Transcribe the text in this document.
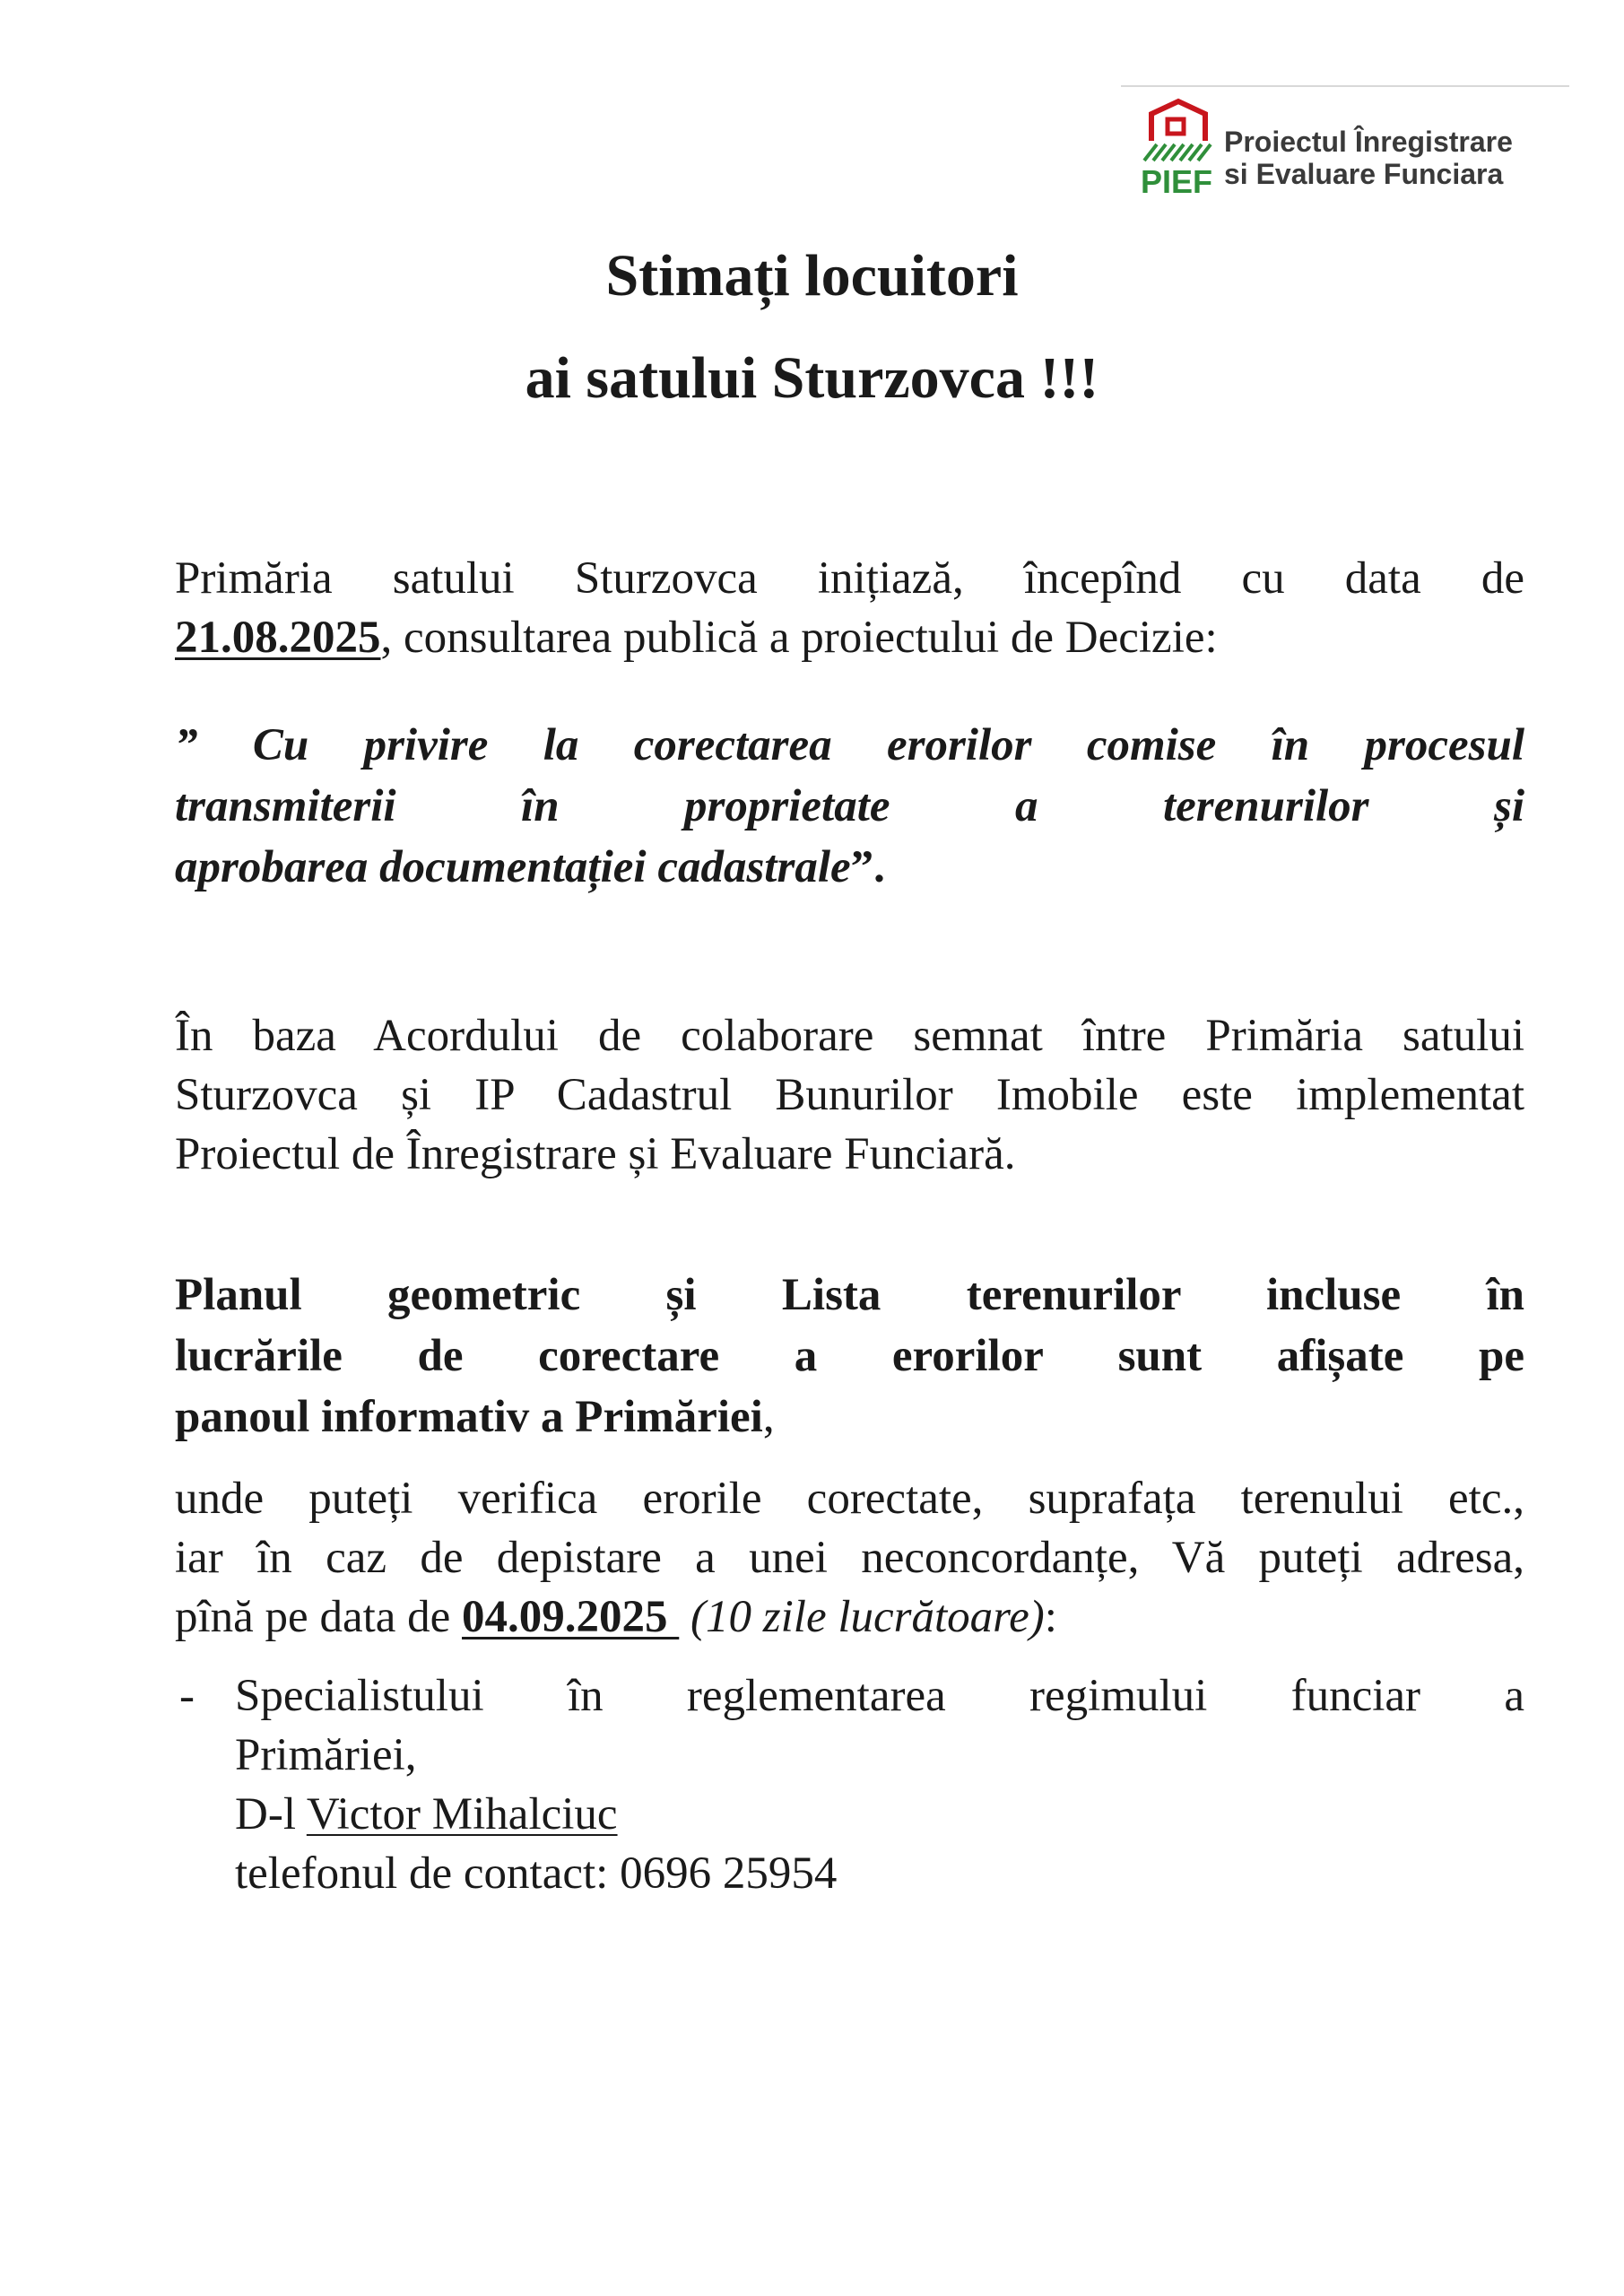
PIEF
Proiectul Înregistrare
si Evaluare Funciara
Stimați locuitori
ai satului Sturzovca !!!
Primăria satului Sturzovca inițiază, începînd cu data de
21.08.2025, consultarea publică a proiectului de Decizie:
” Cu privire la corectarea erorilor comise în procesul
transmiterii în proprietate a terenurilor și
aprobarea documentației cadastrale”.
În baza Acordului de colaborare semnat între Primăria satului
Sturzovca și IP Cadastrul Bunurilor Imobile este implementat
Proiectul de Înregistrare și Evaluare Funciară.
Planul geometric și Lista terenurilor incluse în
lucrările de corectare a erorilor sunt afișate pe
panoul informativ a Primăriei,
unde puteți verifica erorile corectate, suprafața terenului etc.,
iar în caz de depistare a unei neconcordanțe, Vă puteți adresa,
pînă pe data de 04.09.2025  (10 zile lucrătoare):
- Specialistului în reglementarea regimului funciar a
Primăriei,
D-l Victor Mihalciuc
telefonul de contact: 0696 25954
